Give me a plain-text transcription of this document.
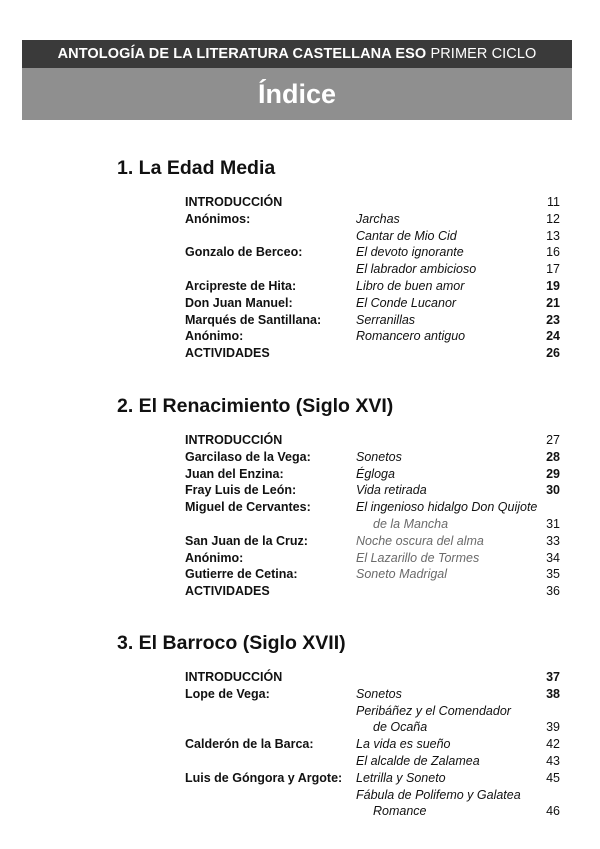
ANTOLOGÍA DE LA LITERATURA CASTELLANA ESO PRIMER CICLO
Índice
1. La Edad Media
INTRODUCCIÓN	11
Anónimos:	Jarchas	12
Cantar de Mio Cid	13
Gonzalo de Berceo:	El devoto ignorante	16
El labrador ambicioso	17
Arcipreste de Hita:	Libro de buen amor	19
Don Juan Manuel:	El Conde Lucanor	21
Marqués de Santillana:	Serranillas	23
Anónimo:	Romancero antiguo	24
ACTIVIDADES	26
2. El Renacimiento (Siglo XVI)
INTRODUCCIÓN	27
Garcilaso de la Vega:	Sonetos	28
Juan del Enzina:	Égloga	29
Fray Luis de León:	Vida retirada	30
Miguel de Cervantes:	El ingenioso hidalgo Don Quijote
de la Mancha	31
San Juan de la Cruz:	Noche oscura del alma	33
Anónimo:	El Lazarillo de Tormes	34
Gutierre de Cetina:	Soneto Madrigal	35
ACTIVIDADES	36
3. El Barroco (Siglo XVII)
INTRODUCCIÓN	37
Lope de Vega:	Sonetos	38
Peribáñez y el Comendador
de Ocaña	39
Calderón de la Barca:	La vida es sueño	42
El alcalde de Zalamea	43
Luis de Góngora y Argote: Letrilla y Soneto	45
Fábula de Polifemo y Galatea
Romance	46
